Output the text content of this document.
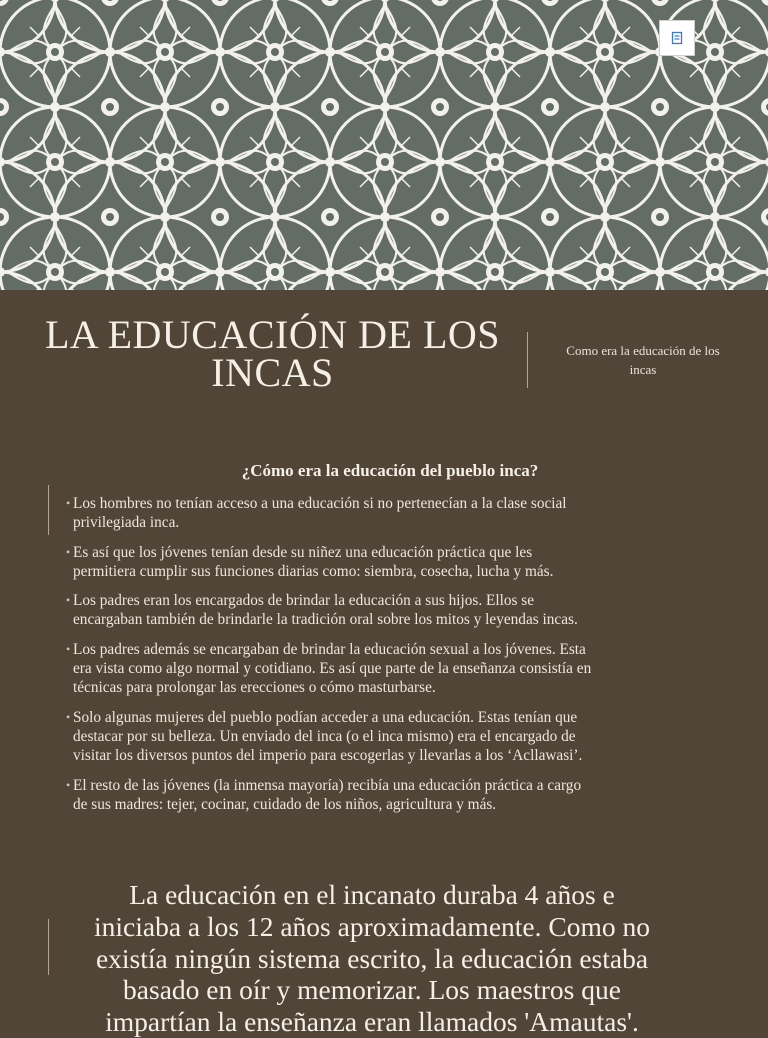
LA EDUCACIÓN DE LOS
INCAS	Como era la educación de los
incas
¿Cómo era la educación del pueblo inca?
• Los hombres no tenían acceso a una educación si no pertenecían a la clase social
privilegiada inca.
• Es así que los jóvenes tenían desde su niñez una educación práctica que les
permitiera cumplir sus funciones diarias como: siembra, cosecha, lucha y más.
• Los padres eran los encargados de brindar la educación a sus hijos. Ellos se
encargaban también de brindarle la tradición oral sobre los mitos y leyendas incas.
• Los padres además se encargaban de brindar la educación sexual a los jóvenes. Esta
era vista como algo normal y cotidiano. Es así que parte de la enseñanza consistía en
técnicas para prolongar las erecciones o cómo masturbarse.
• Solo algunas mujeres del pueblo podían acceder a una educación. Estas tenían que
destacar por su belleza. Un enviado del inca (o el inca mismo) era el encargado de
visitar los diversos puntos del imperio para escogerlas y llevarlas a los ‘Acllawasi’.
• El resto de las jóvenes (la inmensa mayoría) recibía una educación práctica a cargo
de sus madres: tejer, cocinar, cuidado de los niños, agricultura y más.
La educación en el incanato duraba 4 años e
iniciaba a los 12 años aproximadamente. Como no
existía ningún sistema escrito, la educación estaba
basado en oír y memorizar. Los maestros que
impartían la enseñanza eran llamados 'Amautas'.
